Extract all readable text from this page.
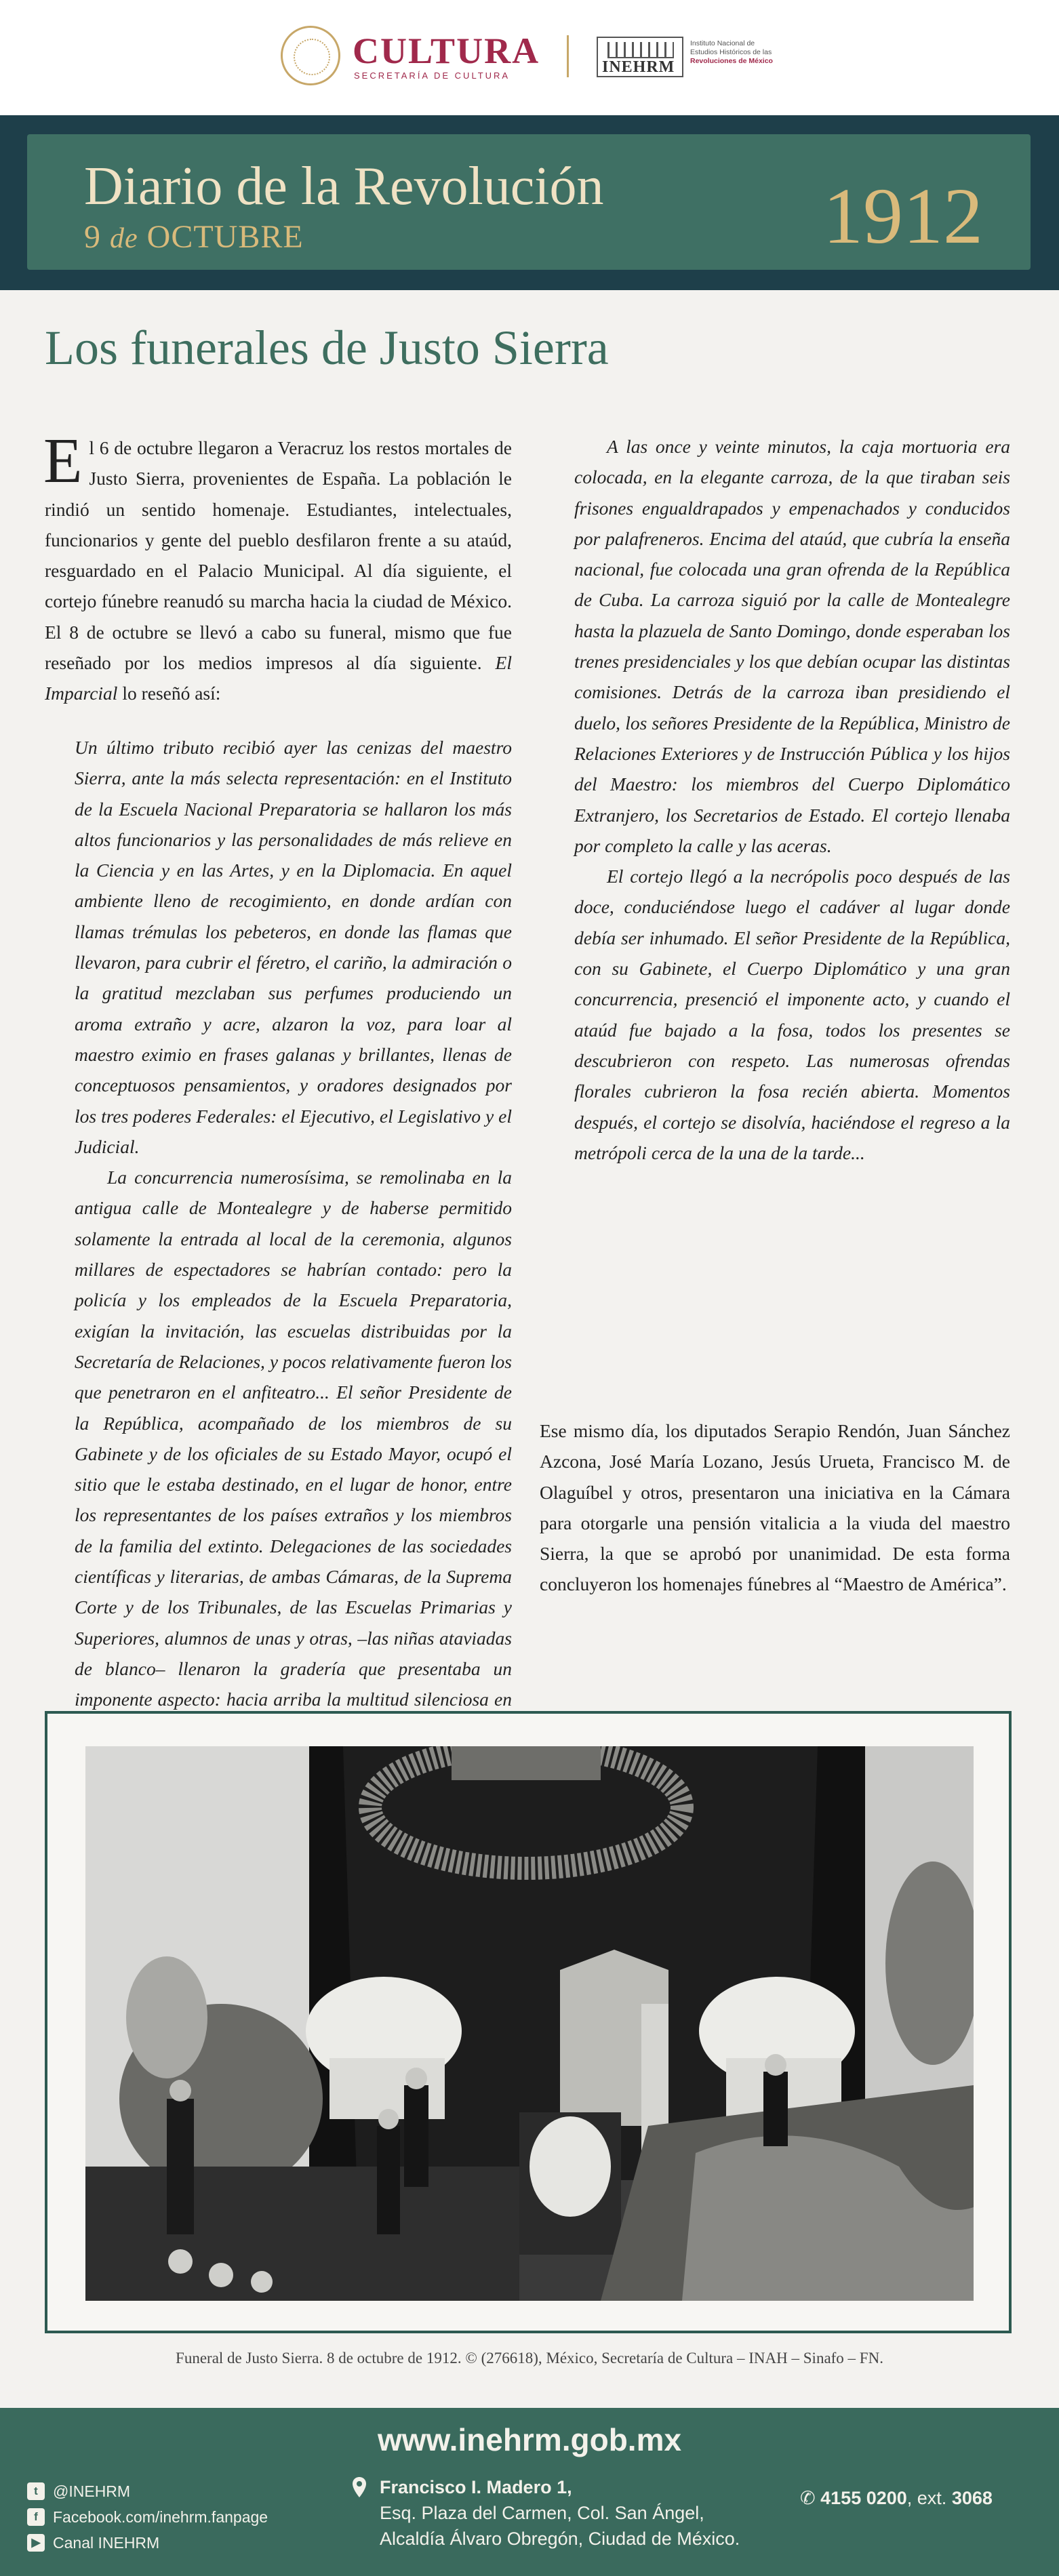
CULTURA
SECRETARÍA DE CULTURA	INEHRM
Instituto Nacional de
Estudios Históricos de las
Revoluciones de México
Diario de la Revolución
9 de OCTUBRE	1912
Los funerales de Justo Sierra

El 6 de octubre llegaron a Veracruz los restos mortales de Justo Sierra, provenientes de España. La población le rindió un sentido homenaje. Estudiantes, intelectuales, funcionarios y gente del pueblo desfilaron frente a su ataúd, resguardado en el Palacio Municipal. Al día siguiente, el cortejo fúnebre reanudó su marcha hacia la ciudad de México. El 8 de octubre se llevó a cabo su funeral, mismo que fue reseñado por los medios impresos al día siguiente. El Imparcial lo reseñó así:

Un último tributo recibió ayer las cenizas del maestro Sierra, ante la más selecta representación: en el Instituto de la Escuela Nacional Preparatoria se hallaron los más altos funcionarios y las personalidades de más relieve en la Ciencia y en las Artes, y en la Diplomacia. En aquel ambiente lleno de recogimiento, en donde ardían con llamas trémulas los pebeteros, en donde las flamas que llevaron, para cubrir el féretro, el cariño, la admiración o la gratitud mezclaban sus perfumes produciendo un aroma extraño y acre, alzaron la voz, para loar al maestro eximio en frases galanas y brillantes, llenas de conceptuosos pensamientos, y oradores designados por los tres poderes Federales: el Ejecutivo, el Legislativo y el Judicial.

La concurrencia numerosísima, se remolinaba en la antigua calle de Montealegre y de haberse permitido solamente la entrada al local de la ceremonia, algunos millares de espectadores se habrían contado: pero la policía y los empleados de la Escuela Preparatoria, exigían la invitación, las escuelas distribuidas por la Secretaría de Relaciones, y pocos relativamente fueron los que penetraron en el anfiteatro... El señor Presidente de la República, acompañado de los miembros de su Gabinete y de los oficiales de su Estado Mayor, ocupó el sitio que le estaba destinado, en el lugar de honor, entre los representantes de los países extraños y los miembros de la familia del extinto. Delegaciones de las sociedades científicas y literarias, de ambas Cámaras, de la Suprema Corte y de los Tribunales, de las Escuelas Primarias y Superiores, alumnos de unas y otras, –las niñas ataviadas de blanco– llenaron la gradería que presentaba un imponente aspecto: hacia arriba la multitud silenciosa en

A las once y veinte minutos, la caja mortuoria era colocada, en la elegante carroza, de la que tiraban seis frisones engualdrapados y empenachados y conducidos por palafreneros. Encima del ataúd, que cubría la enseña nacional, fue colocada una gran ofrenda de la República de Cuba. La carroza siguió por la calle de Montealegre hasta la plazuela de Santo Domingo, donde esperaban los trenes presidenciales y los que debían ocupar las distintas comisiones. Detrás de la carroza iban presidiendo el duelo, los señores Presidente de la República, Ministro de Relaciones Exteriores y de Instrucción Pública y los hijos del Maestro: los miembros del Cuerpo Diplomático Extranjero, los Secretarios de Estado. El cortejo llenaba por completo la calle y las aceras.

El cortejo llegó a la necrópolis poco después de las doce, conduciéndose luego el cadáver al lugar donde debía ser inhumado. El señor Presidente de la República, con su Gabinete, el Cuerpo Diplomático y una gran concurrencia, presenció el imponente acto, y cuando el ataúd fue bajado a la fosa, todos los presentes se descubrieron con respeto. Las numerosas ofrendas florales cubrieron la fosa recién abierta. Momentos después, el cortejo se disolvía, haciéndose el regreso a la metrópoli cerca de la una de la tarde...

Ese mismo día, los diputados Serapio Rendón, Juan Sánchez Azcona, José María Lozano, Jesús Urueta, Francisco M. de Olaguíbel y otros, presentaron una iniciativa en la Cámara para otorgarle una pensión vitalicia a la viuda del maestro Sierra, la que se aprobó por unanimidad. De esta forma concluyeron los homenajes fúnebres al “Maestro de América”.
Funeral de Justo Sierra. 8 de octubre de 1912. © (276618), México, Secretaría de Cultura – INAH – Sinafo – FN.
www.inehrm.gob.mx
t @INEHRM
f Facebook.com/inehrm.fanpage
▶ Canal INEHRM
Francisco I. Madero 1,
Esq. Plaza del Carmen, Col. San Ángel,
Alcaldía Álvaro Obregón, Ciudad de México.
✆ 4155 0200, ext. 3068
